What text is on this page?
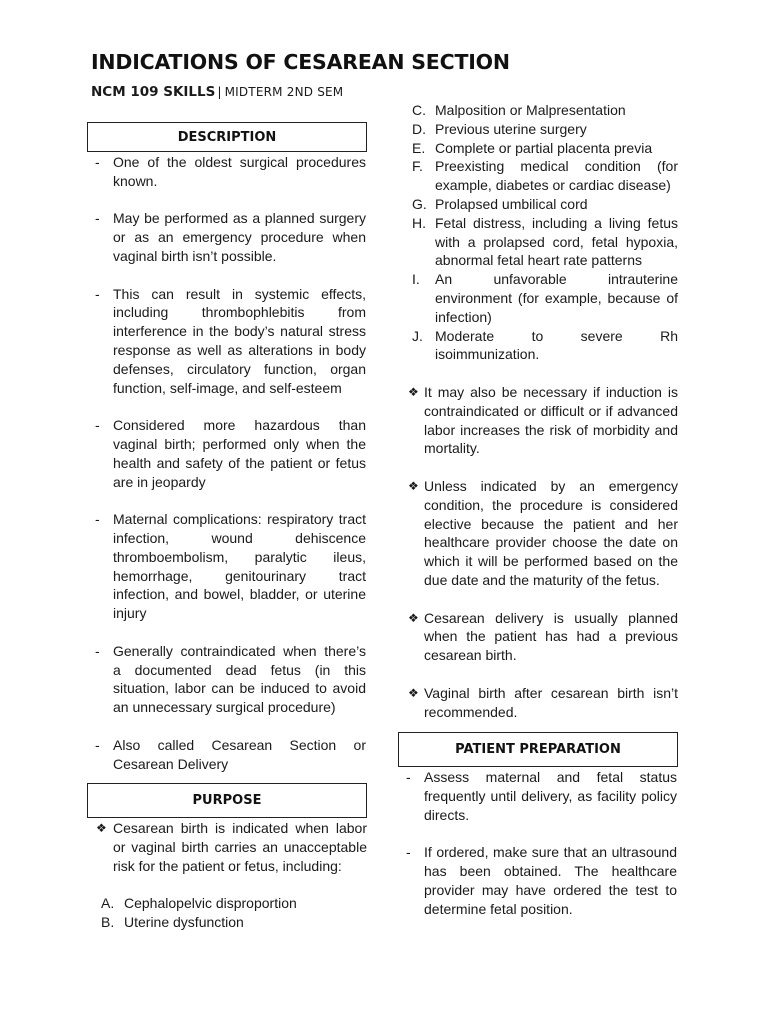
INDICATIONS OF CESAREAN SECTION
NCM 109 SKILLS | MIDTERM 2ND SEM
DESCRIPTION
- One of the oldest surgical procedures known.
- May be performed as a planned surgery or as an emergency procedure when vaginal birth isn’t possible.
- This can result in systemic effects, including thrombophlebitis from interference in the body’s natural stress response as well as alterations in body defenses, circulatory function, organ function, self-image, and self-esteem
- Considered more hazardous than vaginal birth; performed only when the health and safety of the patient or fetus are in jeopardy
- Maternal complications: respiratory tract infection, wound dehiscence thromboembolism, paralytic ileus, hemorrhage, genitourinary tract infection, and bowel, bladder, or uterine injury
- Generally contraindicated when there’s a documented dead fetus (in this situation, labor can be induced to avoid an unnecessary surgical procedure)
- Also called Cesarean Section or Cesarean Delivery
PURPOSE
❖ Cesarean birth is indicated when labor or vaginal birth carries an unacceptable risk for the patient or fetus, including:
A. Cephalopelvic disproportion
B. Uterine dysfunction
C. Malposition or Malpresentation
D. Previous uterine surgery
E. Complete or partial placenta previa
F. Preexisting medical condition (for example, diabetes or cardiac disease)
G. Prolapsed umbilical cord
H. Fetal distress, including a living fetus with a prolapsed cord, fetal hypoxia, abnormal fetal heart rate patterns
I. An unfavorable intrauterine environment (for example, because of infection)
J. Moderate to severe Rh isoimmunization.
❖ It may also be necessary if induction is contraindicated or difficult or if advanced labor increases the risk of morbidity and mortality.
❖ Unless indicated by an emergency condition, the procedure is considered elective because the patient and her healthcare provider choose the date on which it will be performed based on the due date and the maturity of the fetus.
❖ Cesarean delivery is usually planned when the patient has had a previous cesarean birth.
❖ Vaginal birth after cesarean birth isn’t recommended.
PATIENT PREPARATION
- Assess maternal and fetal status frequently until delivery, as facility policy directs.
- If ordered, make sure that an ultrasound has been obtained. The healthcare provider may have ordered the test to determine fetal position.
